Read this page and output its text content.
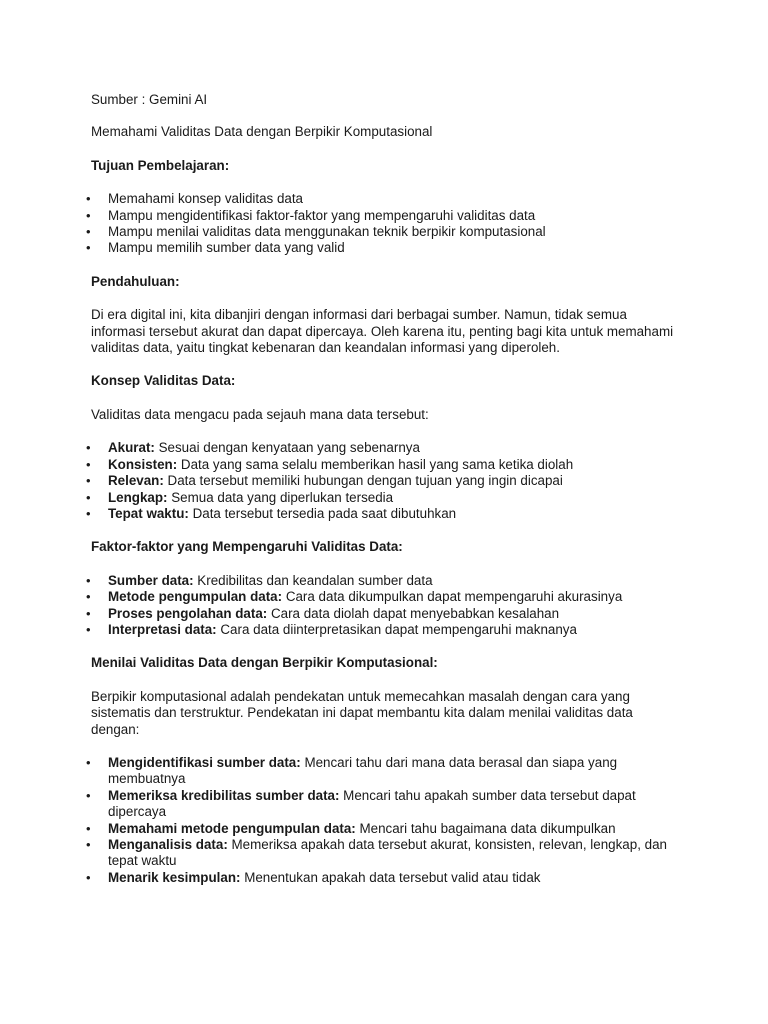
Sumber : Gemini AI

Memahami Validitas Data dengan Berpikir Komputasional

Tujuan Pembelajaran:

• Memahami konsep validitas data
• Mampu mengidentifikasi faktor-faktor yang mempengaruhi validitas data
• Mampu menilai validitas data menggunakan teknik berpikir komputasional
• Mampu memilih sumber data yang valid

Pendahuluan:

Di era digital ini, kita dibanjiri dengan informasi dari berbagai sumber. Namun, tidak semua informasi tersebut akurat dan dapat dipercaya. Oleh karena itu, penting bagi kita untuk memahami validitas data, yaitu tingkat kebenaran dan keandalan informasi yang diperoleh.

Konsep Validitas Data:

Validitas data mengacu pada sejauh mana data tersebut:

• Akurat: Sesuai dengan kenyataan yang sebenarnya
• Konsisten: Data yang sama selalu memberikan hasil yang sama ketika diolah
• Relevan: Data tersebut memiliki hubungan dengan tujuan yang ingin dicapai
• Lengkap: Semua data yang diperlukan tersedia
• Tepat waktu: Data tersebut tersedia pada saat dibutuhkan

Faktor-faktor yang Mempengaruhi Validitas Data:

• Sumber data: Kredibilitas dan keandalan sumber data
• Metode pengumpulan data: Cara data dikumpulkan dapat mempengaruhi akurasinya
• Proses pengolahan data: Cara data diolah dapat menyebabkan kesalahan
• Interpretasi data: Cara data diinterpretasikan dapat mempengaruhi maknanya

Menilai Validitas Data dengan Berpikir Komputasional:

Berpikir komputasional adalah pendekatan untuk memecahkan masalah dengan cara yang sistematis dan terstruktur. Pendekatan ini dapat membantu kita dalam menilai validitas data dengan:

• Mengidentifikasi sumber data: Mencari tahu dari mana data berasal dan siapa yang membuatnya
• Memeriksa kredibilitas sumber data: Mencari tahu apakah sumber data tersebut dapat dipercaya
• Memahami metode pengumpulan data: Mencari tahu bagaimana data dikumpulkan
• Menganalisis data: Memeriksa apakah data tersebut akurat, konsisten, relevan, lengkap, dan tepat waktu
• Menarik kesimpulan: Menentukan apakah data tersebut valid atau tidak
